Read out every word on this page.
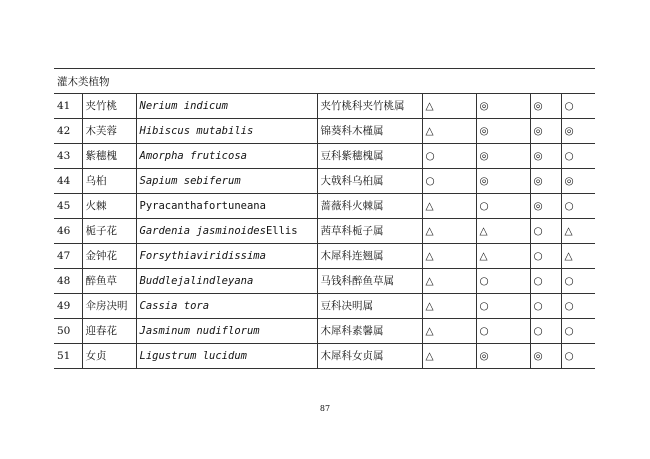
灌木类植物
41	夹竹桃	Nerium indicum	夹竹桃科夹竹桃属	△	◎	◎	○
42	木芙蓉	Hibiscus mutabilis	锦葵科木槿属	△	◎	◎	◎
43	紫穗槐	Amorpha fruticosa	豆科紫穗槐属	○	◎	◎	○
44	乌桕	Sapium sebiferum	大戟科乌桕属	○	◎	◎	◎
45	火棘	Pyracanthafortuneana	蔷薇科火棘属	△	○	◎	○
46	栀子花	Gardenia jasminoidesEllis	茜草科栀子属	△	△	○	△
47	金钟花	Forsythiaviridissima	木犀科连翘属	△	△	○	△
48	醉鱼草	Buddlejalindleyana	马钱科醉鱼草属	△	○	○	○
49	伞房决明	Cassia tora	豆科决明属	△	○	○	○
50	迎春花	Jasminum nudiflorum	木犀科素馨属	△	○	○	○
51	女贞	Ligustrum lucidum	木犀科女贞属	△	◎	◎	○
87
